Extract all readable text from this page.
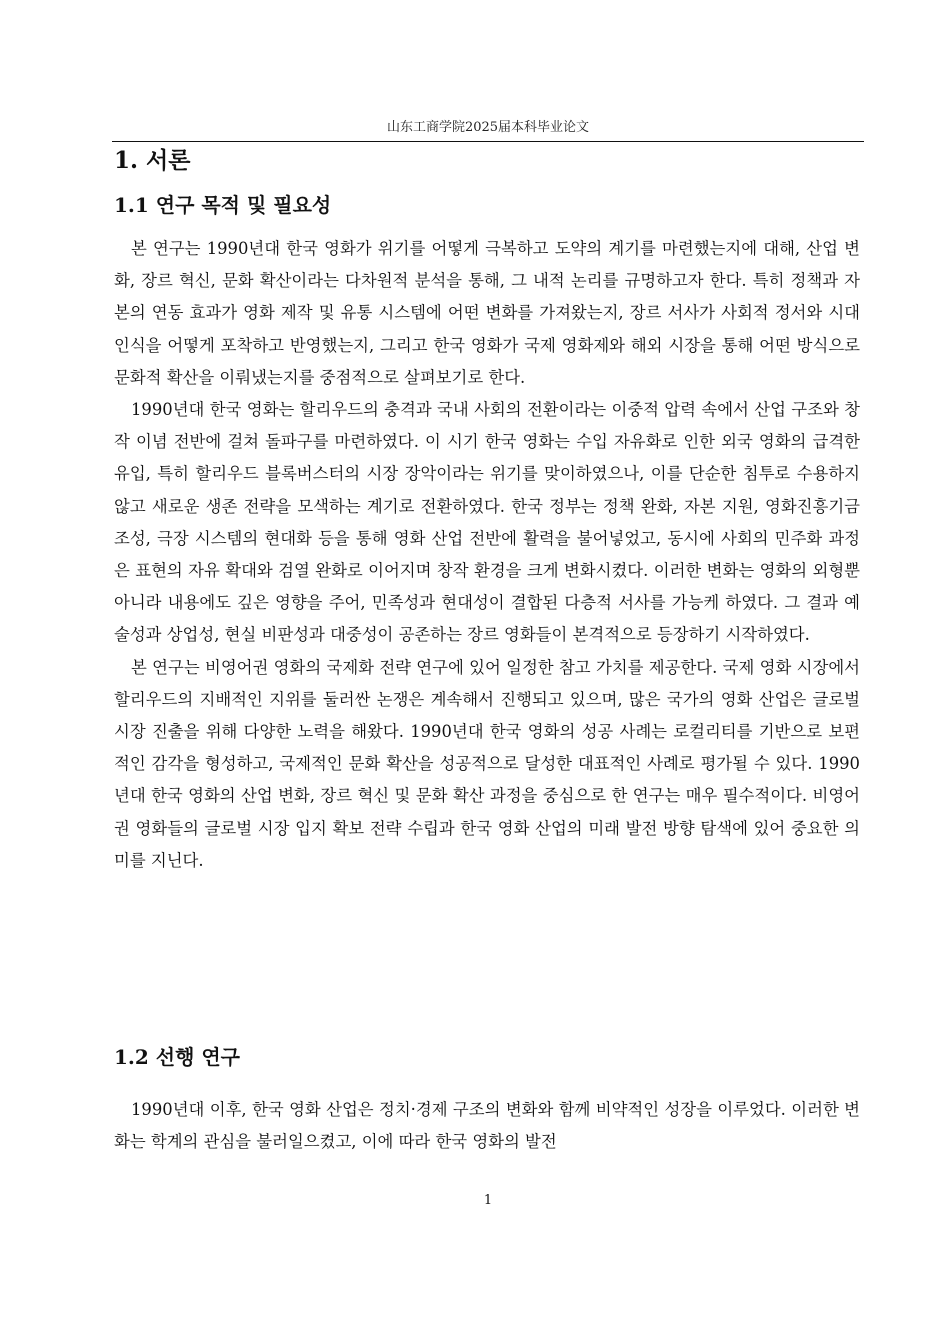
山东工商学院2025届本科毕业论文
1. 서론
1.1 연구 목적 및 필요성

본 연구는 1990년대 한국 영화가 위기를 어떻게 극복하고 도약의 계기를 마련했는지에 대해, 산업 변화, 장르 혁신, 문화 확산이라는 다차원적 분석을 통해, 그 내적 논리를 규명하고자 한다. 특히 정책과 자본의 연동 효과가 영화 제작 및 유통 시스템에 어떤 변화를 가져왔는지, 장르 서사가 사회적 정서와 시대 인식을 어떻게 포착하고 반영했는지, 그리고 한국 영화가 국제 영화제와 해외 시장을 통해 어떤 방식으로 문화적 확산을 이뤄냈는지를 중점적으로 살펴보기로 한다.

1990년대 한국 영화는 할리우드의 충격과 국내 사회의 전환이라는 이중적 압력 속에서 산업 구조와 창작 이념 전반에 걸쳐 돌파구를 마련하였다. 이 시기 한국 영화는 수입 자유화로 인한 외국 영화의 급격한 유입, 특히 할리우드 블록버스터의 시장 장악이라는 위기를 맞이하였으나, 이를 단순한 침투로 수용하지 않고 새로운 생존 전략을 모색하는 계기로 전환하였다. 한국 정부는 정책 완화, 자본 지원, 영화진흥기금 조성, 극장 시스템의 현대화 등을 통해 영화 산업 전반에 활력을 불어넣었고, 동시에 사회의 민주화 과정은 표현의 자유 확대와 검열 완화로 이어지며 창작 환경을 크게 변화시켰다. 이러한 변화는 영화의 외형뿐 아니라 내용에도 깊은 영향을 주어, 민족성과 현대성이 결합된 다층적 서사를 가능케 하였다. 그 결과 예술성과 상업성, 현실 비판성과 대중성이 공존하는 장르 영화들이 본격적으로 등장하기 시작하였다.

본 연구는 비영어권 영화의 국제화 전략 연구에 있어 일정한 참고 가치를 제공한다. 국제 영화 시장에서 할리우드의 지배적인 지위를 둘러싼 논쟁은 계속해서 진행되고 있으며, 많은 국가의 영화 산업은 글로벌 시장 진출을 위해 다양한 노력을 해왔다. 1990년대 한국 영화의 성공 사례는 로컬리티를 기반으로 보편적인 감각을 형성하고, 국제적인 문화 확산을 성공적으로 달성한 대표적인 사례로 평가될 수 있다. 1990년대 한국 영화의 산업 변화, 장르 혁신 및 문화 확산 과정을 중심으로 한 연구는 매우 필수적이다. 비영어권 영화들의 글로벌 시장 입지 확보 전략 수립과 한국 영화 산업의 미래 발전 방향 탐색에 있어 중요한 의미를 지닌다.

1.2 선행 연구

1990년대 이후, 한국 영화 산업은 정치·경제 구조의 변화와 함께 비약적인 성장을 이루었다. 이러한 변화는 학계의 관심을 불러일으켰고, 이에 따라 한국 영화의 발전

1
